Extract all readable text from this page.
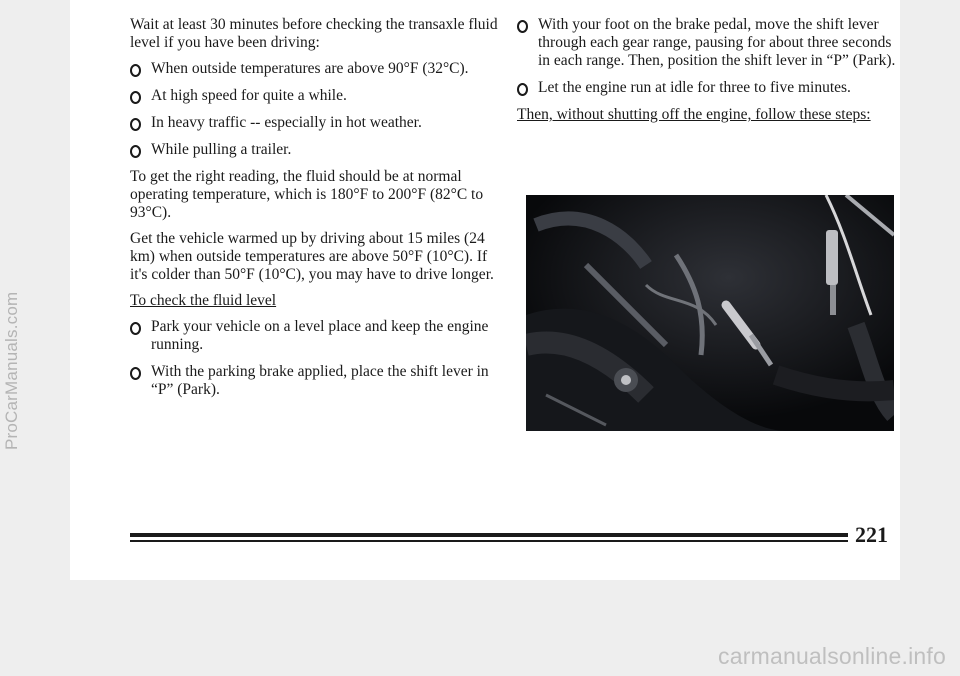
ProCarManuals.com

Wait at least 30 minutes before checking the transaxle fluid level if you have been driving:

When outside temperatures are above 90°F (32°C).
At high speed for quite a while.
In heavy traffic -- especially in hot weather.
While pulling a trailer.

To get the right reading, the fluid should be at normal operating temperature, which is 180°F to 200°F (82°C to 93°C).

Get the vehicle warmed up by driving about 15 miles (24 km) when outside temperatures are above 50°F (10°C). If it's colder than 50°F (10°C), you may have to drive longer.

To check the fluid level

Park your vehicle on a level place and keep the engine running.
With the parking brake applied, place the shift lever in “P” (Park).
With your foot on the brake pedal, move the shift lever through each gear range, pausing for about three seconds in each range. Then, position the shift lever in “P” (Park).
Let the engine run at idle for three to five minutes.

Then, without shutting off the engine, follow these steps:

221
carmanualsonline.info
